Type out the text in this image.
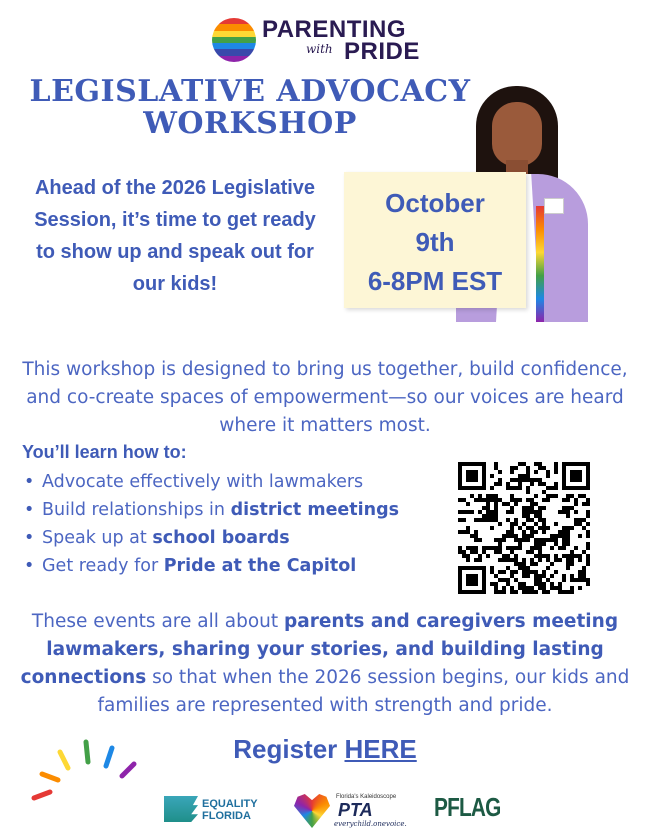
PARENTING
with PRIDE
LEGISLATIVE ADVOCACY
WORKSHOP
Ahead of the 2026 Legislative Session, it’s time to get ready to show up and speak out for our kids!
October
9th
6-8PM EST
This workshop is designed to bring us together, build confidence, and co-create spaces of empowerment—so our voices are heard where it matters most.
You’ll learn how to:
• Advocate effectively with lawmakers
• Build relationships in district meetings
• Speak up at school boards
• Get ready for Pride at the Capitol
These events are all about parents and caregivers meeting lawmakers, sharing your stories, and building lasting connections so that when the 2026 session begins, our kids and families are represented with strength and pride.
Register HERE
EQUALITY
FLORIDA
Florida's Kaleidoscope
PTA
everychild.onevoice.
PFLAG
